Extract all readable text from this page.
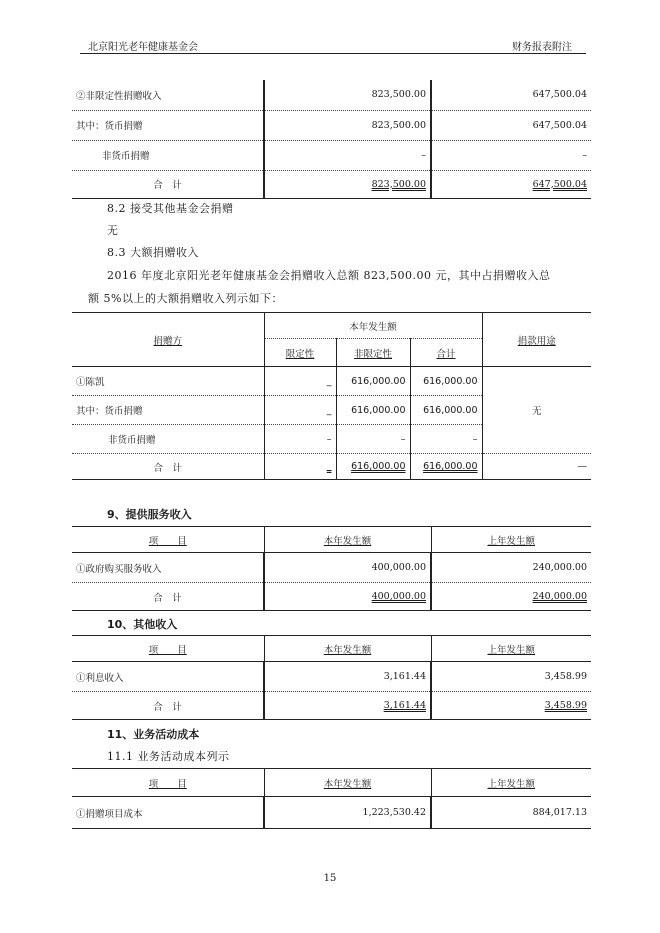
北京阳光老年健康基金会	财务报表附注
②非限定性捐赠收入	823,500.00	647,500.04
其中：货币捐赠	823,500.00	647,500.04
非货币捐赠	–	–
合　计	823,500.00	647,500.04
8.2 接受其他基金会捐赠
无
8.3 大额捐赠收入
2016 年度北京阳光老年健康基金会捐赠收入总额 823,500.00 元，其中占捐赠收入总
额 5%以上的大额捐赠收入列示如下：
捐赠方	本年发生额			捐款用途
	限定性	非限定性	合计	
①陈凯	_	616,000.00	616,000.00	无
其中：货币捐赠	_	616,000.00	616,000.00	
非货币捐赠	–	–	–	
合　计	_	616,000.00	616,000.00	—
9、提供服务收入
项　　目	本年发生额	上年发生额
①政府购买服务收入	400,000.00	240,000.00
合　计	400,000.00	240,000.00
10、其他收入
项　　目	本年发生额	上年发生额
①利息收入	3,161.44	3,458.99
合　计	3,161.44	3,458.99
11、业务活动成本
11.1 业务活动成本列示
项　　目	本年发生额	上年发生额
①捐赠项目成本	1,223,530.42	884,017.13
15
